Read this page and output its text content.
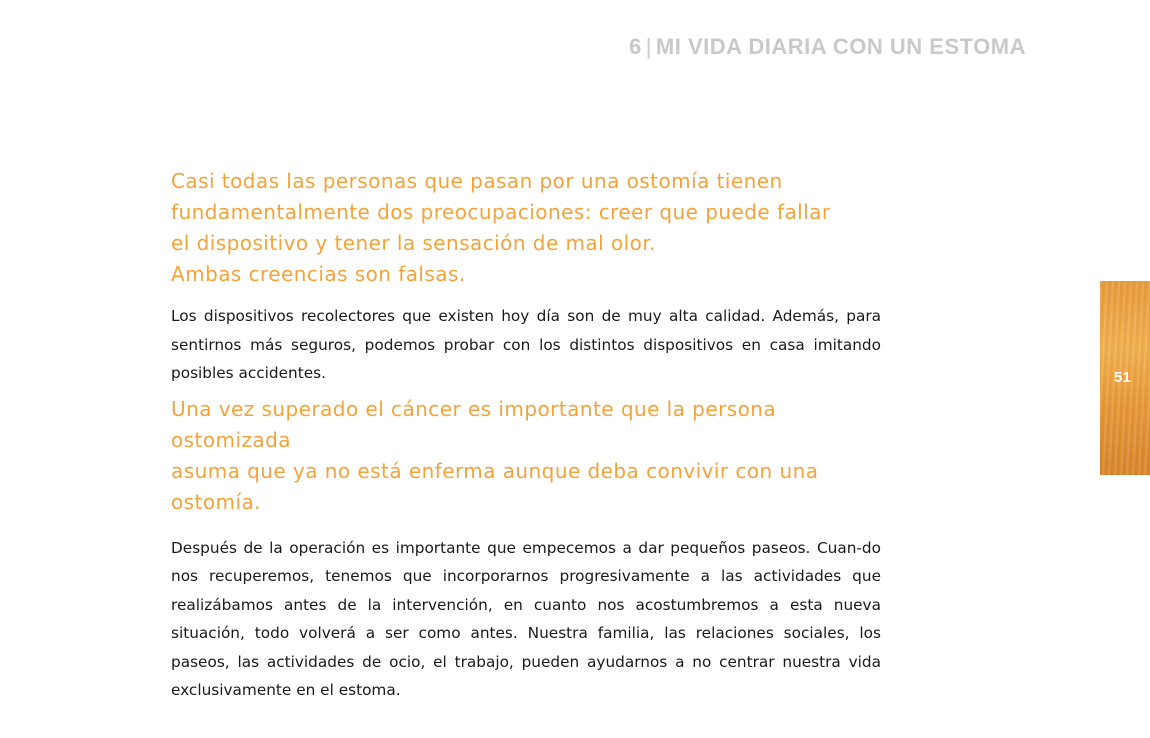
6 | MI VIDA DIARIA CON UN ESTOMA

Casi todas las personas que pasan por una ostomía tienen
fundamentalmente dos preocupaciones: creer que puede fallar
el dispositivo y tener la sensación de mal olor.
Ambas creencias son falsas.

Los dispositivos recolectores que existen hoy día son de muy alta calidad. Además, para sentirnos más seguros, podemos probar con los distintos dispositivos en casa imitando posibles accidentes.

Una vez superado el cáncer es importante que la persona ostomizada
asuma que ya no está enferma aunque deba convivir con una ostomía.

Después de la operación es importante que empecemos a dar pequeños paseos. Cuan-do nos recuperemos, tenemos que incorporarnos progresivamente a las actividades que realizábamos antes de la intervención, en cuanto nos acostumbremos a esta nueva situación, todo volverá a ser como antes. Nuestra familia, las relaciones sociales, los paseos, las actividades de ocio, el trabajo, pueden ayudarnos a no centrar nuestra vida exclusivamente en el estoma.

51
